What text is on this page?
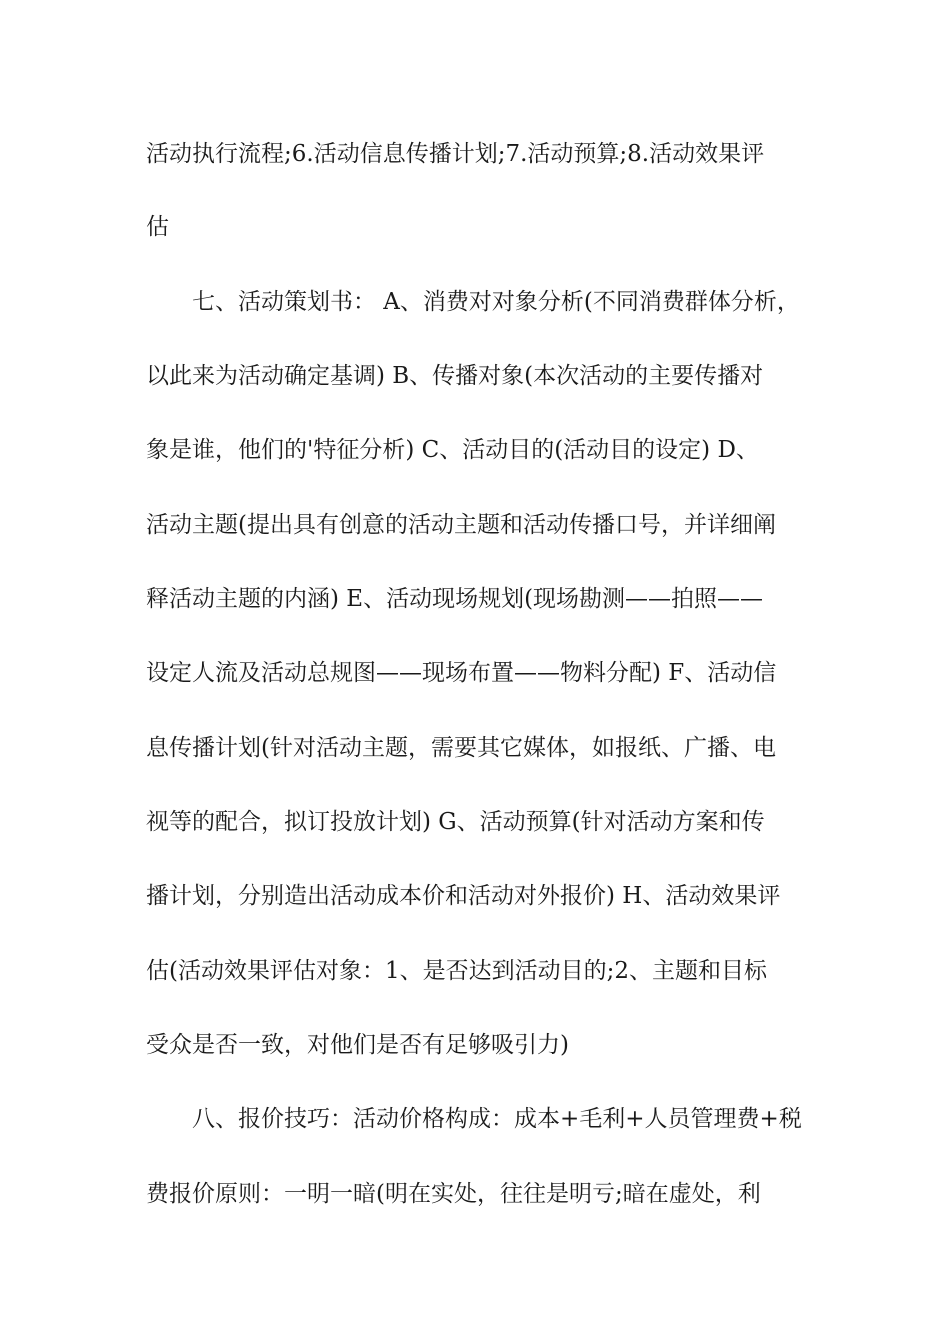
活动执行流程;6.活动信息传播计划;7.活动预算;8.活动效果评
估
七、活动策划书： A、消费对对象分析(不同消费群体分析，
以此来为活动确定基调) B、传播对象(本次活动的主要传播对
象是谁，他们的'特征分析) C、活动目的(活动目的设定) D、
活动主题(提出具有创意的活动主题和活动传播口号，并详细阐
释活动主题的内涵) E、活动现场规划(现场勘测——拍照——
设定人流及活动总规图——现场布置——物料分配) F、活动信
息传播计划(针对活动主题，需要其它媒体，如报纸、广播、电
视等的配合，拟订投放计划) G、活动预算(针对活动方案和传
播计划，分别造出活动成本价和活动对外报价) H、活动效果评
估(活动效果评估对象：1、是否达到活动目的;2、主题和目标
受众是否一致，对他们是否有足够吸引力)
八、报价技巧：活动价格构成：成本+毛利+人员管理费+税
费报价原则：一明一暗(明在实处，往往是明亏;暗在虚处，利
